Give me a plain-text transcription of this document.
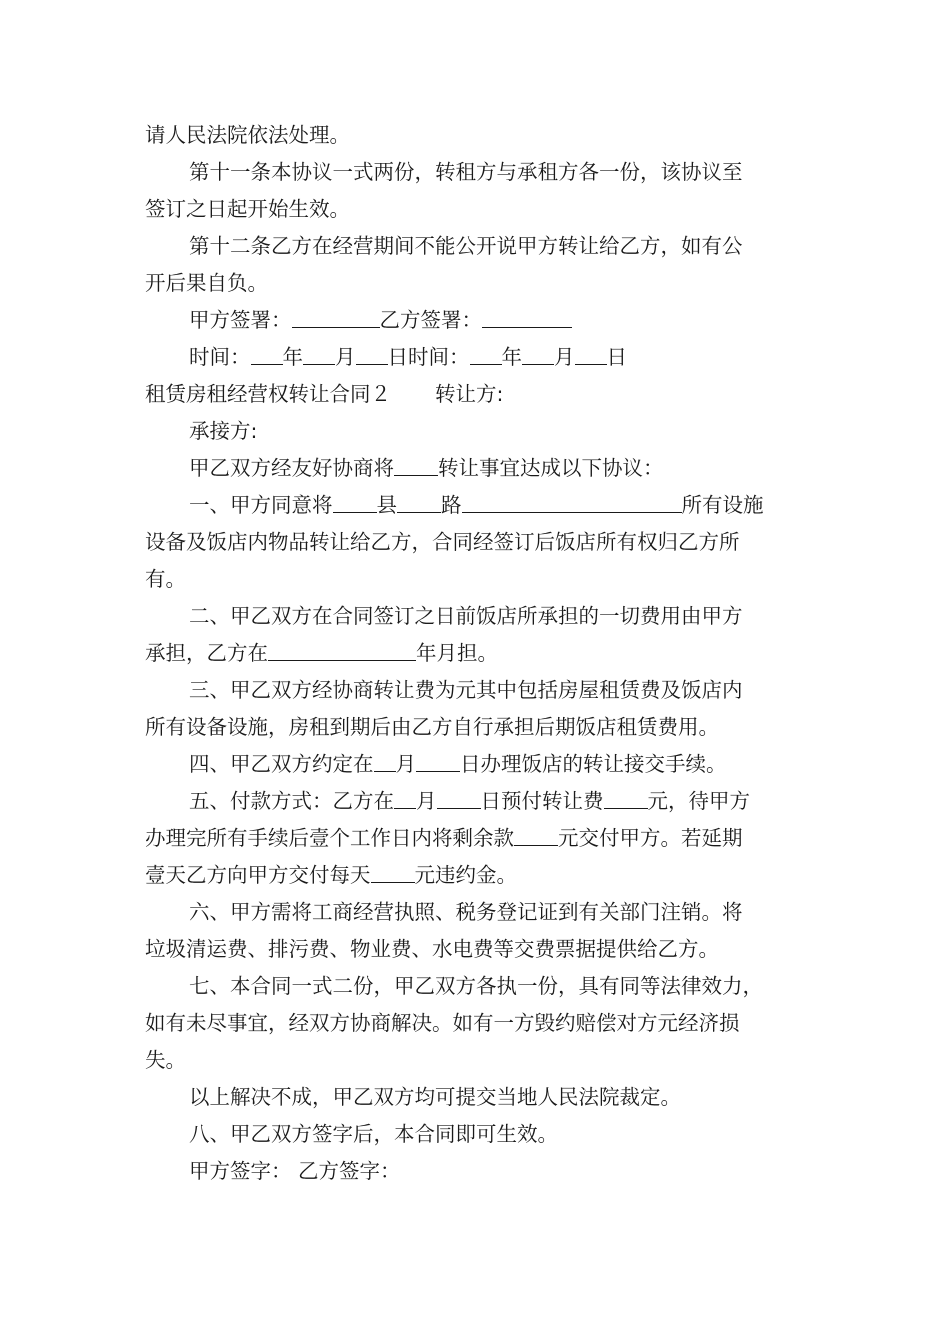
请人民法院依法处理。
第十一条本协议一式两份，转租方与承租方各一份，该协议至
签订之日起开始生效。
第十二条乙方在经营期间不能公开说甲方转让给乙方，如有公
开后果自负。
甲方签署：	乙方签署：
时间： 年 月 日时间： 年 月 日
租赁房租经营权转让合同２ 转让方:
承接方:
甲乙双方经友好协商将 转让事宜达成以下协议：
一、甲方同意将 县 路	所有设施
设备及饭店内物品转让给乙方，合同经签订后饭店所有权归乙方所
有。
二、甲乙双方在合同签订之日前饭店所承担的一切费用由甲方
承担，乙方在	年月担。
三、甲乙双方经协商转让费为元其中包括房屋租赁费及饭店内
所有设备设施，房租到期后由乙方自行承担后期饭店租赁费用。
四、甲乙双方约定在 月 日办理饭店的转让接交手续。
五、付款方式：乙方在 月 日预付转让费 元，待甲方
办理完所有手续后壹个工作日内将剩余款 元交付甲方。若延期
壹天乙方向甲方交付每天 元违约金。
六、甲方需将工商经营执照、税务登记证到有关部门注销。将
垃圾清运费、排污费、物业费、水电费等交费票据提供给乙方。
七、本合同一式二份，甲乙双方各执一份，具有同等法律效力，
如有未尽事宜，经双方协商解决。如有一方毁约赔偿对方元经济损
失。
以上解决不成，甲乙双方均可提交当地人民法院裁定。
八、甲乙双方签字后，本合同即可生效。
甲方签字： 乙方签字：
